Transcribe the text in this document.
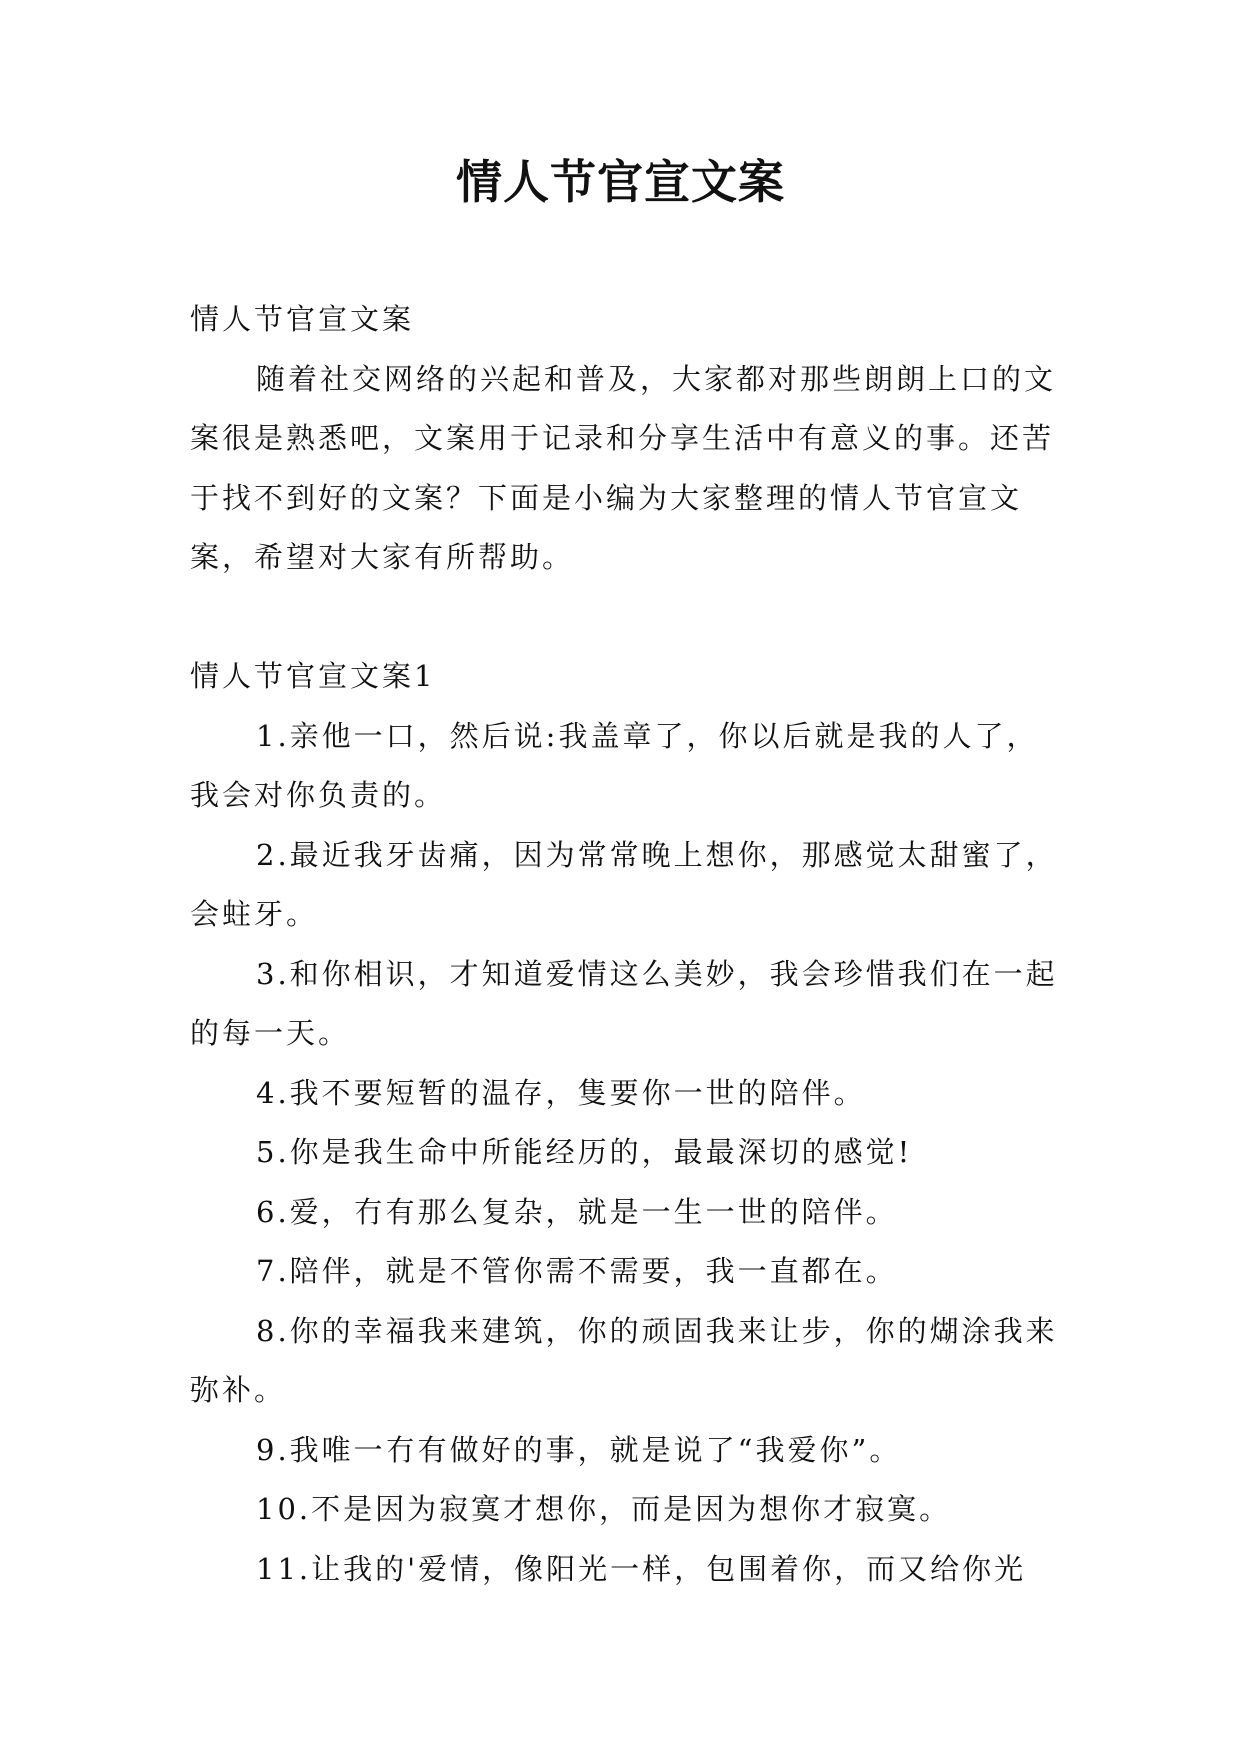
情人节官宣文案

情人节官宣文案

随着社交网络的兴起和普及，大家都对那些朗朗上口的文案很是熟悉吧，文案用于记录和分享生活中有意义的事。还苦于找不到好的文案？下面是小编为大家整理的情人节官宣文案，希望对大家有所帮助。

情人节官宣文案1

1.亲他一口，然后说:我盖章了，你以后就是我的人了，我会对你负责的。

2.最近我牙齿痛，因为常常晚上想你，那感觉太甜蜜了，会蛀牙。

3.和你相识，才知道爱情这么美妙，我会珍惜我们在一起的每一天。

4.我不要短暂的温存，隻要你一世的陪伴。

5.你是我生命中所能经历的，最最深切的感觉!

6.爱，冇有那么复杂，就是一生一世的陪伴。

7.陪伴，就是不管你需不需要，我一直都在。

8.你的幸福我来建筑，你的顽固我来让步，你的煳涂我来弥补。

9.我唯一冇有做好的事，就是说了“我爱你”。

10.不是因为寂寞才想你，而是因为想你才寂寞。

11.让我的'爱情，像阳光一样，包围着你，而又给你光
